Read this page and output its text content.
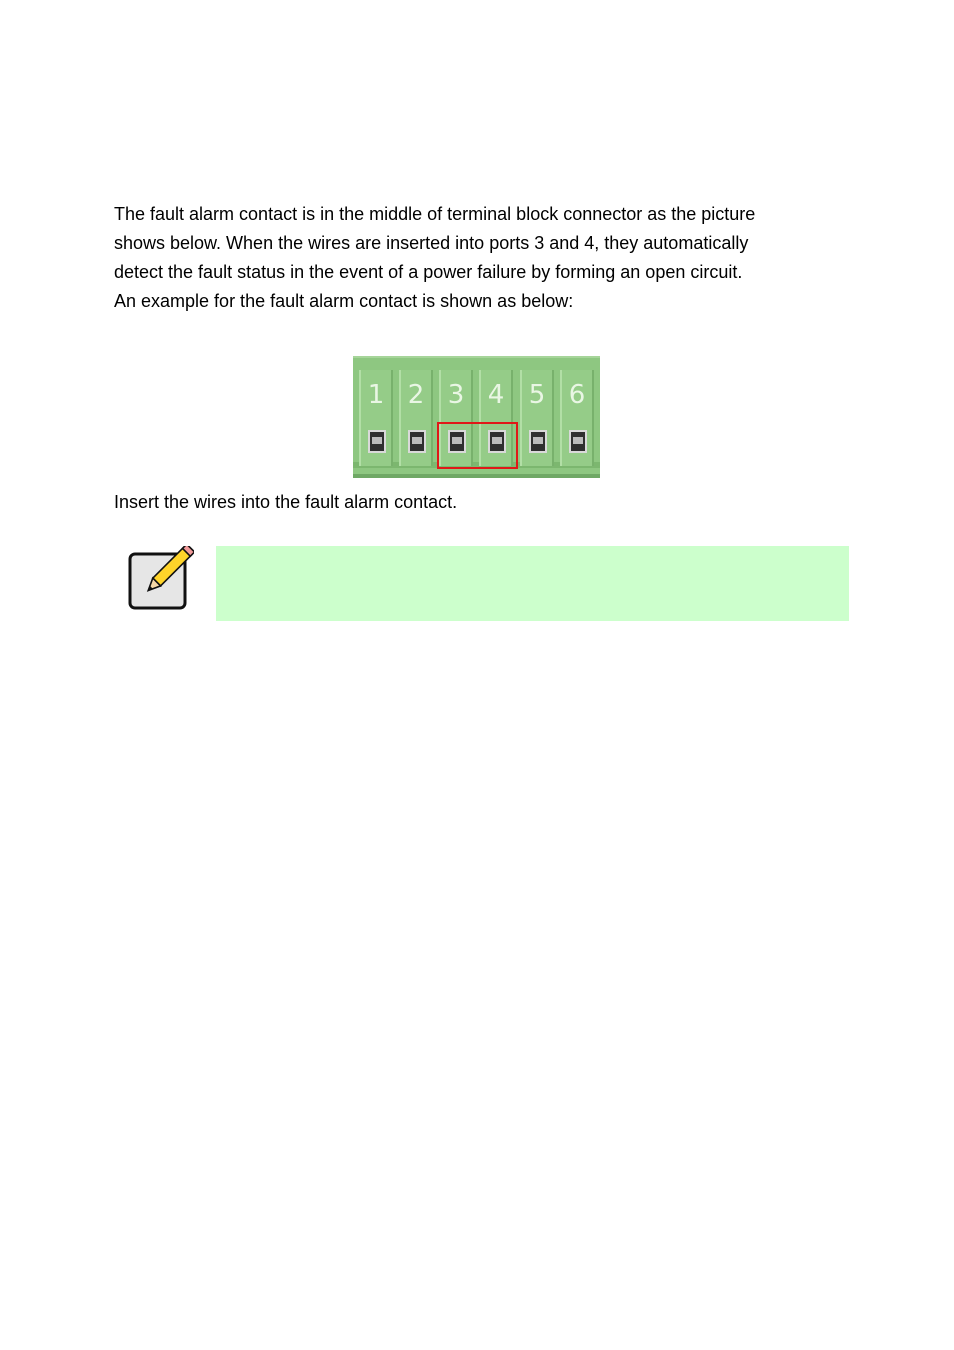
The fault alarm contact is in the middle of terminal block connector as the picture
shows below. When the wires are inserted into ports 3 and 4, they automatically
detect the fault status in the event of a power failure by forming an open circuit.
An example for the fault alarm contact is shown as below:
1 2 3 4 5 6

Insert the wires into the fault alarm contact.
